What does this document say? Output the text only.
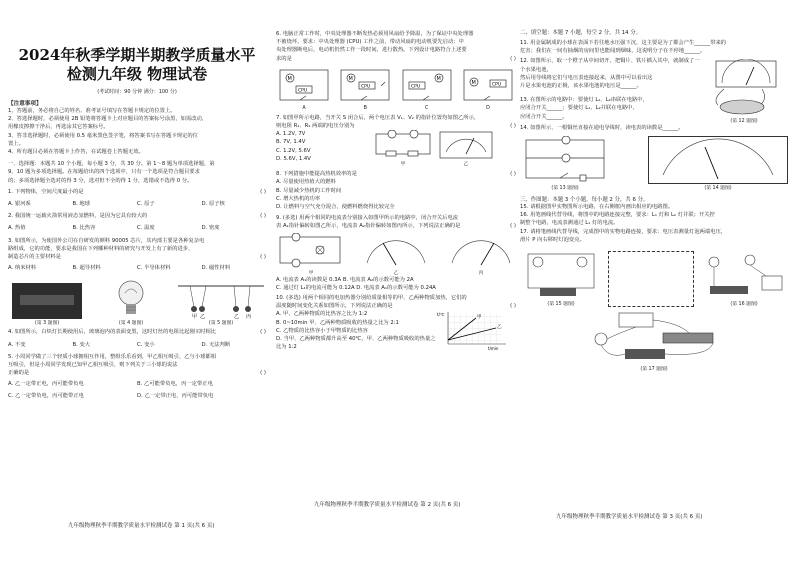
2024年秋季学期半期教学质量水平
检测九年级 物理试卷
(考试时间：90 分钟 满分：100 分)
【注意事项】
1、答题前，务必将自己的姓名、准考证号填写在答题卡规定的位置上。
2、答选择题时，必须使用 2B 铅笔将答题卡上对应题目的答案标号涂黑，如需改动，
用橡皮擦擦干净后，再选涂其它答案标号。
3、答非选择题时，必须使用 0.5 毫米黑色签字笔，将答案书写在答题卡规定的位
置上。
4、所有题目必须在答题卡上作答，在试题卷上答题无效。
一、选择题：本题共 10 个小题，每小题 3 分，共 30 分。第 1～8 题为单项选择题，第
9、10 题为多项选择题。在每题给出的四个选项中，只有一个选项是符合题目要求
的；多项选择题全选对的得 3 分，选对但不全的得 1 分，选错或不选得 0 分。
1. 下列物体，空间尺度最小的是	( )
A. 银河系	B. 地球	C. 原子	D. 原子核
2. 我国统一运载火箭常用液态氢燃料，是因为它具有较大的	( )
A. 热值	B. 比热容	C. 温度	D. 密度
3. 如图所示，为使国外公司在自研发的颜料 90005 芯片，其内部主要是各种复杂电
路组成，它的功能，要求是我国在下列哪种材料的研究与开发上有了新的进步，
制造芯片的主要材料是	( )
A. 纳米材料	B. 超导材料	C. 半导体材料	D. 磁性材料
(第 3 题图)	(第 4 题图)
甲 乙	乙 丙
(第 5 题图)
4. 如图所示，白炽灯长期使用后，玻璃泡内的表面变黑，这时灯丝的电阻比起刚买时相比	( )
A. 不变	B. 变大	C. 变小	D. 无法判断
5. 小周同学做了三个轻质小球拥相互作用，整组乐乐看到，甲乙相互吸引，乙与小球都相
互吸引，但是小周同学发现已知甲乙相互吸引，则下列关于三小球的说法
正确的是	( )
A. 乙一定带正电，丙可能带负电	B. 乙可能带负电，丙一定带正电
C. 乙一定带负电，丙可能带正电	D. 乙一定带正电，丙可能带负电
九年级物理秋季半期教学质量水平检测试卷 第 1 页(共 6 页)
6. 电脑正常工作时，中央处理器不断发热必须用风扇给予降温，为了保证中央处理器
不被烧坏，要求：中央处理器 (CPU) 工作之前，带动风扇的电动机要先启动；中
央处理器断电后，电动机仍然工作一段时间，进行散热。下列设计电路符合上述要
求的是	( )
M
CPU
A
M
CPU
B
M
CPU
C
M	CPU
D
7. 如图甲所示电路，当开关 S 闭合后，两个电压表 V₁、V₂ 的指针位置均如图乙所示，
则电阻 R₁、R₂ 两端的电压分别为	( )
A. 1.2V, 7V
B. 7V, 1.4V
C. 1.2V, 5.6V
D. 5.6V, 1.4V
甲	乙
8. 下列措施中能提高热机效率的是	( )
A. 尽量使用热值大的燃料
B. 尽量减少热机的工作时间
C. 增大热机的功率
D. 让燃料与空气充分混合，使燃料燃烧得比较完全
9. (多选) 用两个相同的电流表分别接入如图甲所示的电路中，闭合开关后电流
表 A₁指针偏转如图乙所示，电流表 A₂指针偏转如图丙所示，下列说法正确的是	( )
甲	乙	丙
A. 电流表 A₁的读数是 0.3A B. 电流表 A₂的示数可能为 2A
C. 通过灯 L₁的电流可能为 0.12A D. 电流表 A₁的示数可能为 0.24A
10. (多选) 用两个相同的电加热器分别给质量相等的甲、乙两种物质加热，它们的
温度随时间变化关系如图所示，下列说法正确的是	( )
A. 甲、乙两种物质的比热容之比为 1:2
B. 0~10min 甲、乙两种物质吸收的热量之比为 2:1
C. 乙物质的比热容小于甲物质的比热容
D. 当甲、乙两种物质都升高至 40℃，甲、乙两种物质吸收的热量之比为 1:2
t/℃
t/min
甲
乙
九年级物理秋季半期教学质量水平检测试卷 第 2 页(共 6 页)
二、填空题：本题 7 小题，每空 2 分，共 14 分。
11. 用金属制成的小球在表面下若往地水压强下沉，这主要是为了都会产生______带来的
危害；我们在一间有抽烟的房间里也能闻到烟味，这说明分子在不停地______。
12. 如图所示，取一个橙子从中间切开，把铜片、铁片插入其中，就制成了一个水果电池，
然后用导线将它们与电压表连接起来，从图中可以看出这
片是水果电池的正极，该水果电池的电压是______。
13. 在图所示的电路中：要使灯 L₁、L₂串联在电路中，
应闭合开关______；要使灯 L₁、L₂并联在电路中，
应闭合开关______。
14. 如图所示，一根铜丝直接在通电导线时，读电表的读数是______。
(第 12 题图)
(第 13 题图)	(第 14 题图)
三、作图题：本题 3 个小题，每小题 2 分，共 6 分。
15. 请根据图甲实物图所示电路，在右侧框内画出相应的电路图。
16. 用笔画线代替导线，将图中的电路连接完整，要求：L₁ 灯和 L₂ 灯并联；开关控
制整个电路，电流表测通过 L₁ 灯的电流。
17. 请将笔画线代替导线，完成图中的实物电路连接，要求：电压表测量灯泡两端电压，
滑片 P 向右移时灯泡变亮。
(第 15 题图)	(第 16 题图)
(第 17 题图)
九年级物理秋季半期教学质量水平检测试卷 第 3 页(共 6 页)
